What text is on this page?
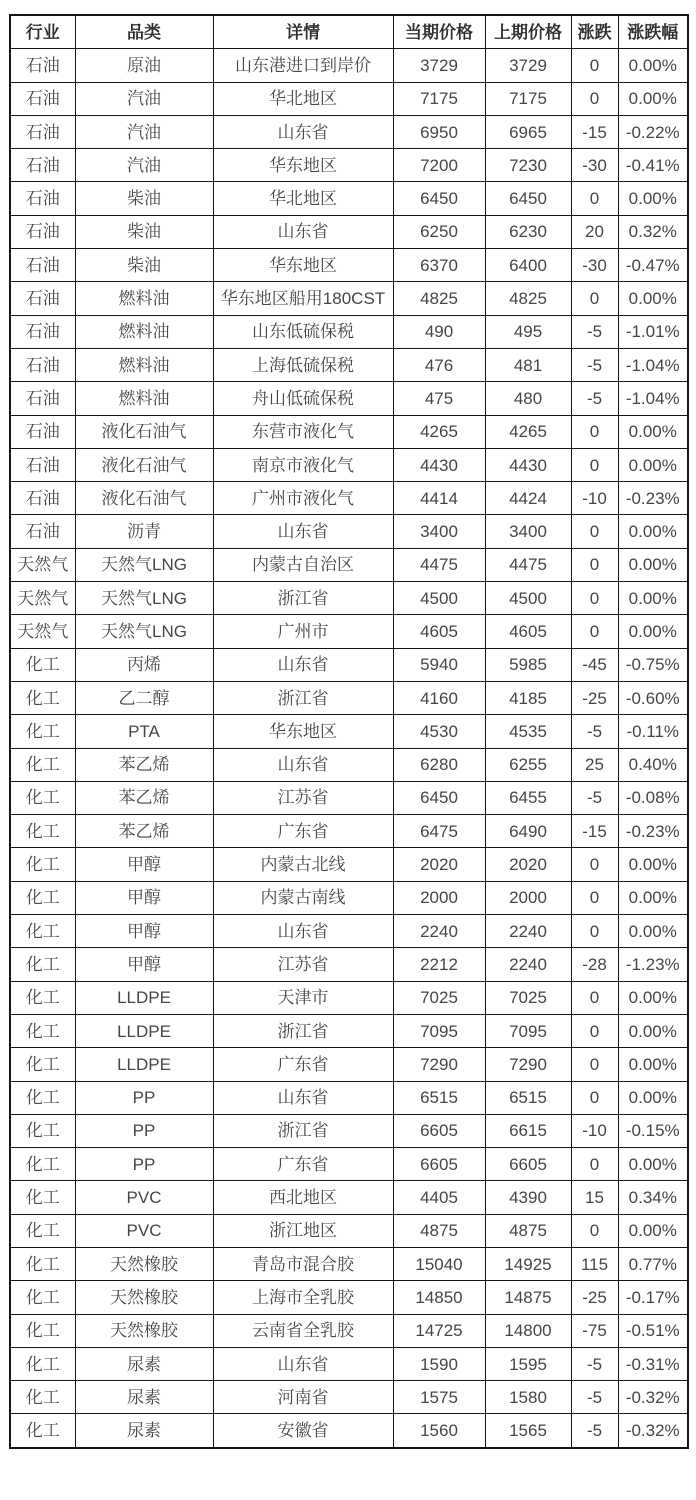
行业	品类	详情	当期价格	上期价格	涨跌	涨跌幅
石油	原油	山东港进口到岸价	3729	3729	0	0.00%
石油	汽油	华北地区	7175	7175	0	0.00%
石油	汽油	山东省	6950	6965	-15	-0.22%
石油	汽油	华东地区	7200	7230	-30	-0.41%
石油	柴油	华北地区	6450	6450	0	0.00%
石油	柴油	山东省	6250	6230	20	0.32%
石油	柴油	华东地区	6370	6400	-30	-0.47%
石油	燃料油	华东地区船用180CST	4825	4825	0	0.00%
石油	燃料油	山东低硫保税	490	495	-5	-1.01%
石油	燃料油	上海低硫保税	476	481	-5	-1.04%
石油	燃料油	舟山低硫保税	475	480	-5	-1.04%
石油	液化石油气	东营市液化气	4265	4265	0	0.00%
石油	液化石油气	南京市液化气	4430	4430	0	0.00%
石油	液化石油气	广州市液化气	4414	4424	-10	-0.23%
石油	沥青	山东省	3400	3400	0	0.00%
天然气	天然气LNG	内蒙古自治区	4475	4475	0	0.00%
天然气	天然气LNG	浙江省	4500	4500	0	0.00%
天然气	天然气LNG	广州市	4605	4605	0	0.00%
化工	丙烯	山东省	5940	5985	-45	-0.75%
化工	乙二醇	浙江省	4160	4185	-25	-0.60%
化工	PTA	华东地区	4530	4535	-5	-0.11%
化工	苯乙烯	山东省	6280	6255	25	0.40%
化工	苯乙烯	江苏省	6450	6455	-5	-0.08%
化工	苯乙烯	广东省	6475	6490	-15	-0.23%
化工	甲醇	内蒙古北线	2020	2020	0	0.00%
化工	甲醇	内蒙古南线	2000	2000	0	0.00%
化工	甲醇	山东省	2240	2240	0	0.00%
化工	甲醇	江苏省	2212	2240	-28	-1.23%
化工	LLDPE	天津市	7025	7025	0	0.00%
化工	LLDPE	浙江省	7095	7095	0	0.00%
化工	LLDPE	广东省	7290	7290	0	0.00%
化工	PP	山东省	6515	6515	0	0.00%
化工	PP	浙江省	6605	6615	-10	-0.15%
化工	PP	广东省	6605	6605	0	0.00%
化工	PVC	西北地区	4405	4390	15	0.34%
化工	PVC	浙江地区	4875	4875	0	0.00%
化工	天然橡胶	青岛市混合胶	15040	14925	115	0.77%
化工	天然橡胶	上海市全乳胶	14850	14875	-25	-0.17%
化工	天然橡胶	云南省全乳胶	14725	14800	-75	-0.51%
化工	尿素	山东省	1590	1595	-5	-0.31%
化工	尿素	河南省	1575	1580	-5	-0.32%
化工	尿素	安徽省	1560	1565	-5	-0.32%
